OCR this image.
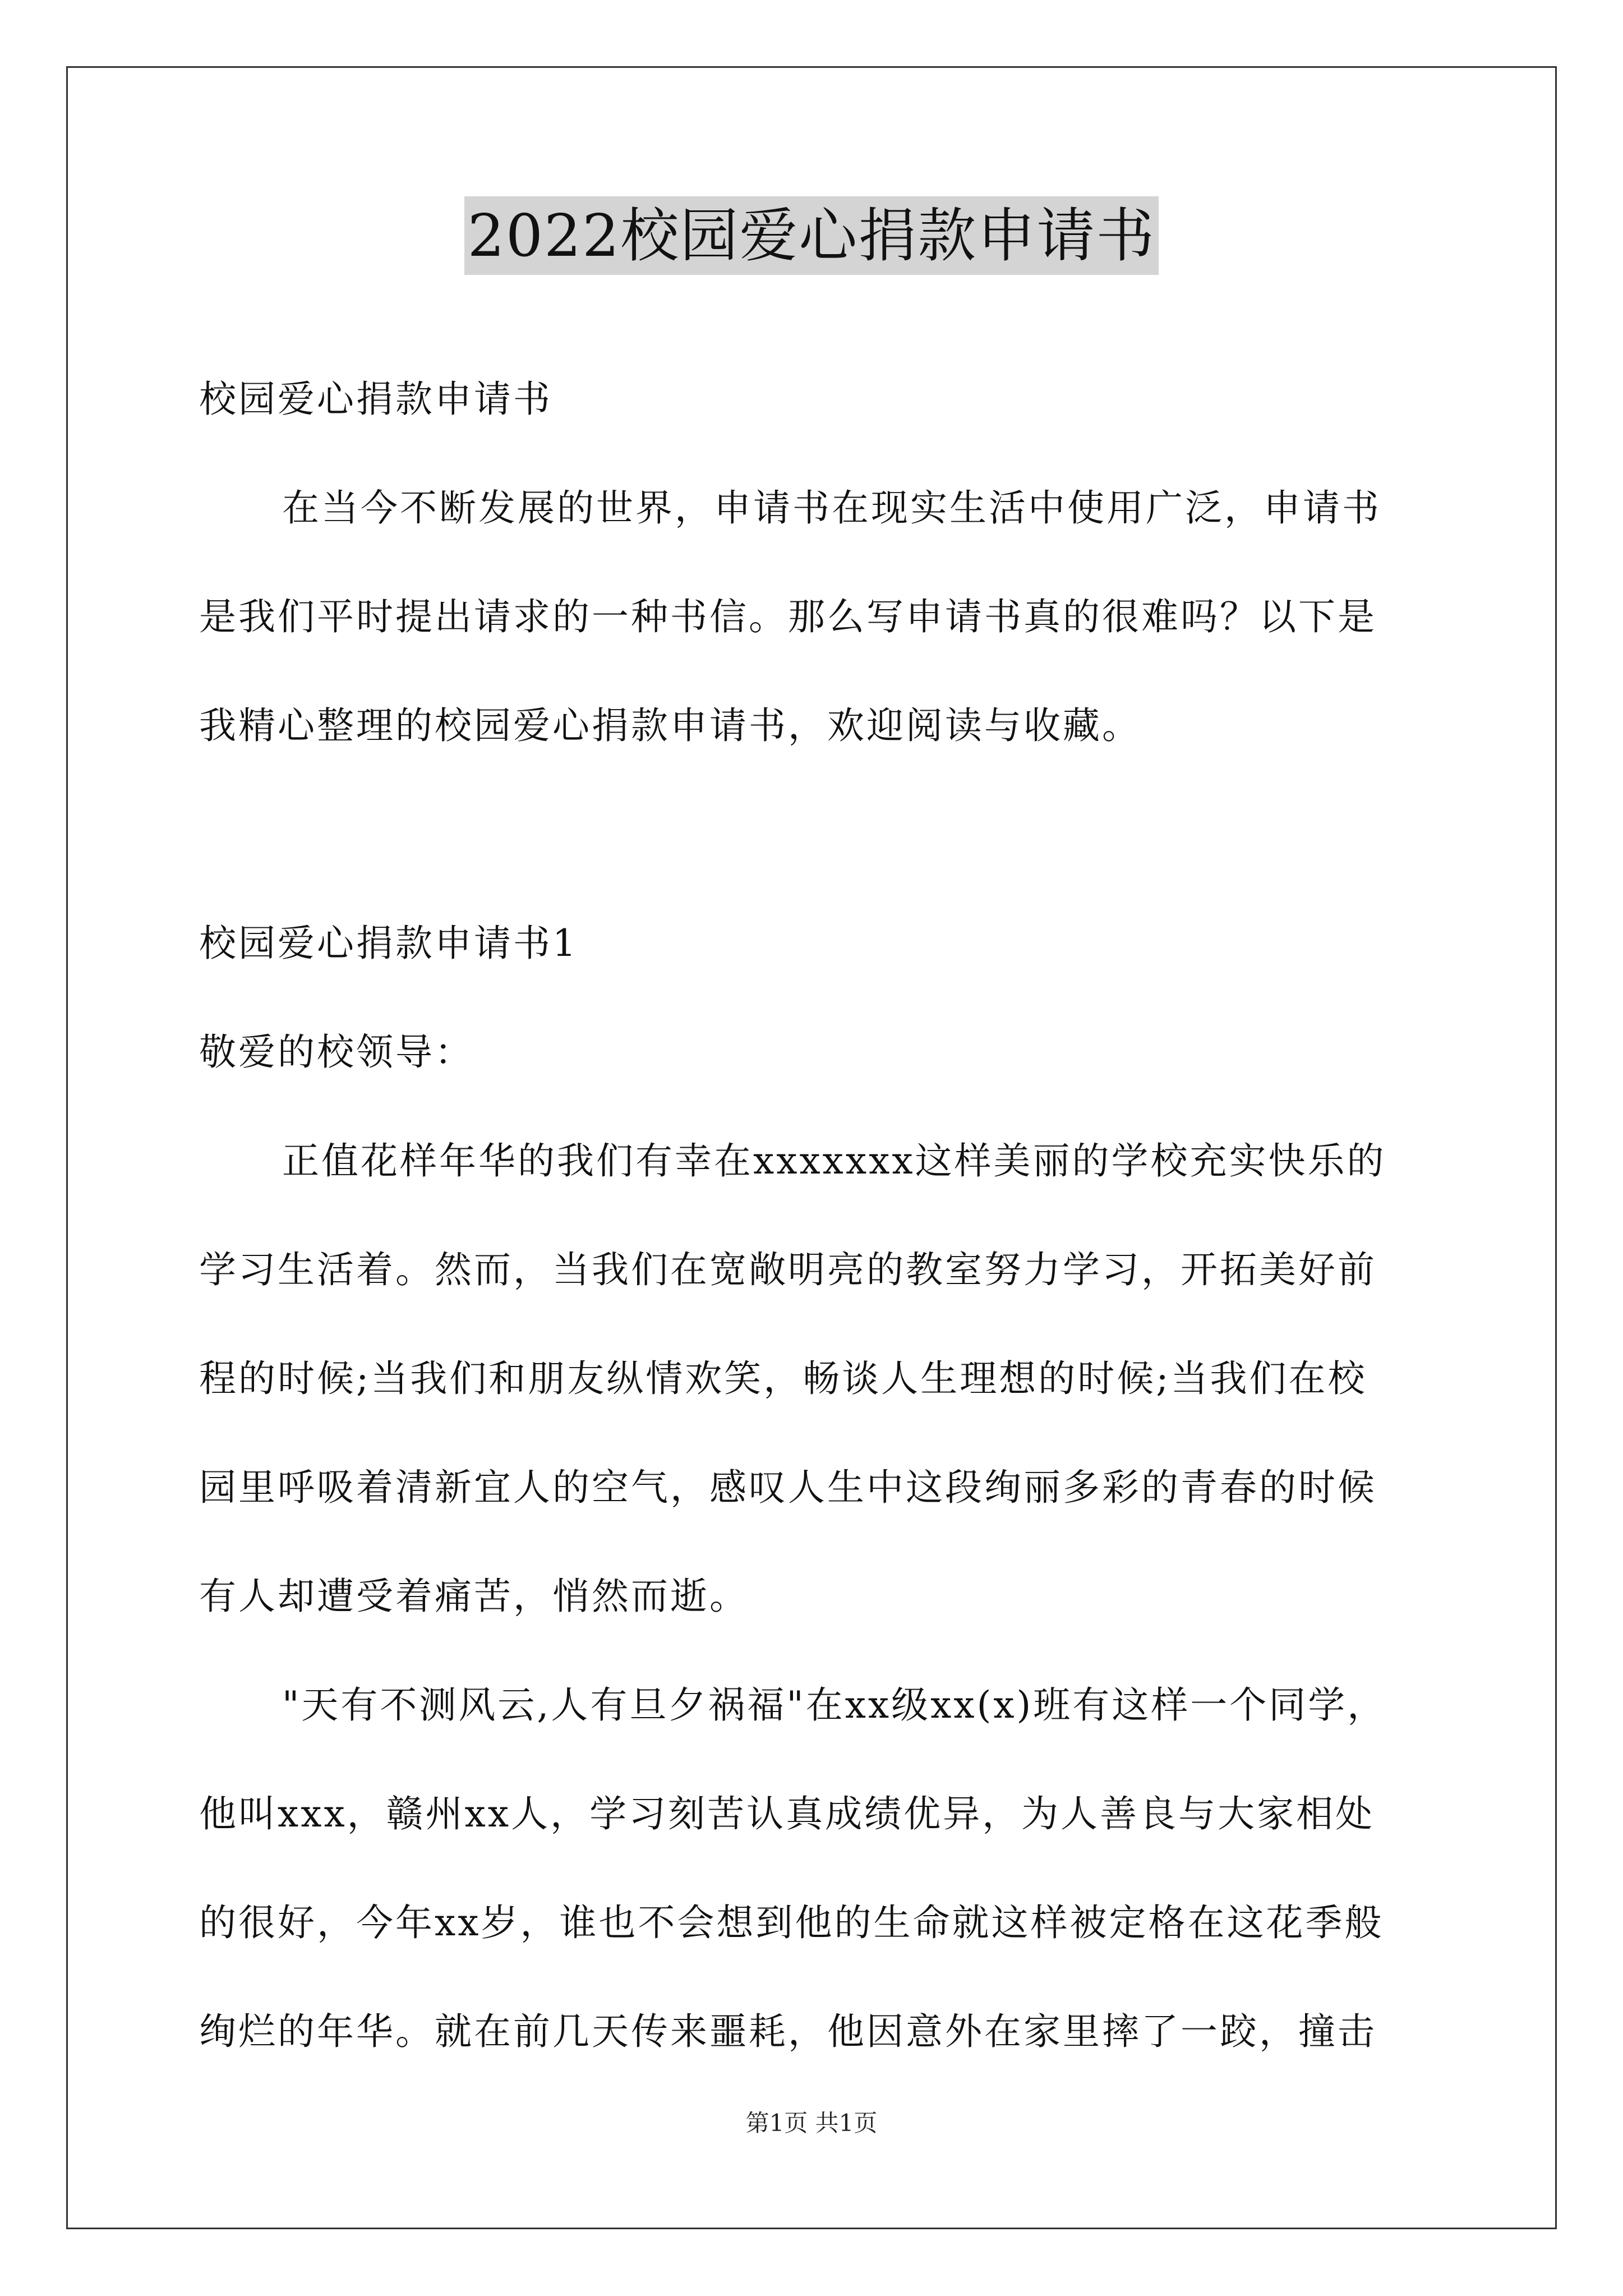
2022校园爱心捐款申请书
校园爱心捐款申请书
在当今不断发展的世界，申请书在现实生活中使用广泛，申请书
是我们平时提出请求的一种书信。那么写申请书真的很难吗？以下是
我精心整理的校园爱心捐款申请书，欢迎阅读与收藏。
校园爱心捐款申请书1
敬爱的校领导：
正值花样年华的我们有幸在xxxxxxx这样美丽的学校充实快乐的
学习生活着。然而，当我们在宽敞明亮的教室努力学习，开拓美好前
程的时候;当我们和朋友纵情欢笑，畅谈人生理想的时候;当我们在校
园里呼吸着清新宜人的空气，感叹人生中这段绚丽多彩的青春的时候
有人却遭受着痛苦，悄然而逝。
"天有不测风云,人有旦夕祸福"在xx级xx(x)班有这样一个同学，
他叫xxx，赣州xx人，学习刻苦认真成绩优异，为人善良与大家相处
的很好，今年xx岁，谁也不会想到他的生命就这样被定格在这花季般
绚烂的年华。就在前几天传来噩耗，他因意外在家里摔了一跤，撞击
第1页 共1页
